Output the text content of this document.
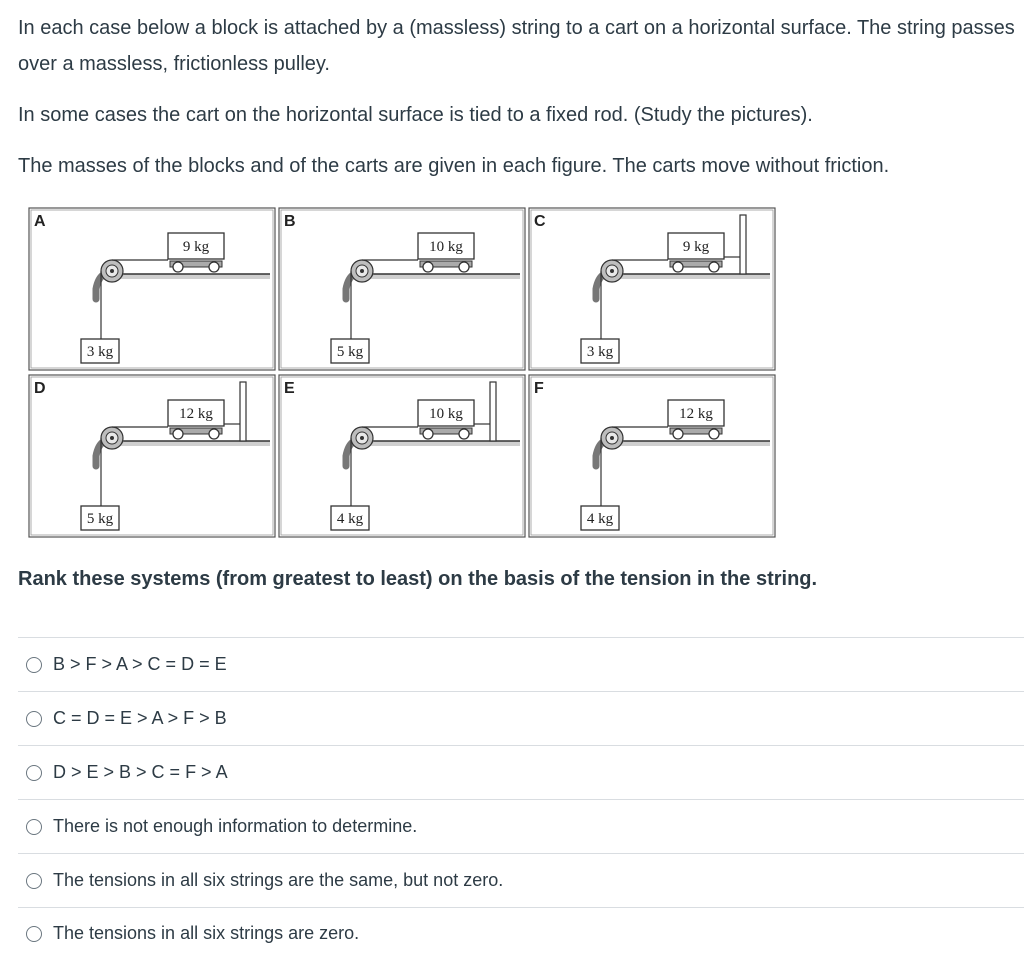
In each case below a block is attached by a (massless) string to a cart on a horizontal surface. The string passes over a massless, frictionless pulley.

In some cases the cart on the horizontal surface is tied to a fixed rod. (Study the pictures).

The masses of the blocks and of the carts are given in each figure. The carts move without friction.

A
9 kg
3 kg
B
10 kg
5 kg
C
9 kg
3 kg
D
12 kg
5 kg
E
10 kg
4 kg
F
12 kg
4 kg

Rank these systems (from greatest to least) on the basis of the tension in the string.

B > F > A > C = D = E
C = D = E > A > F > B
D > E > B > C = F > A
There is not enough information to determine.
The tensions in all six strings are the same, but not zero.
The tensions in all six strings are zero.
